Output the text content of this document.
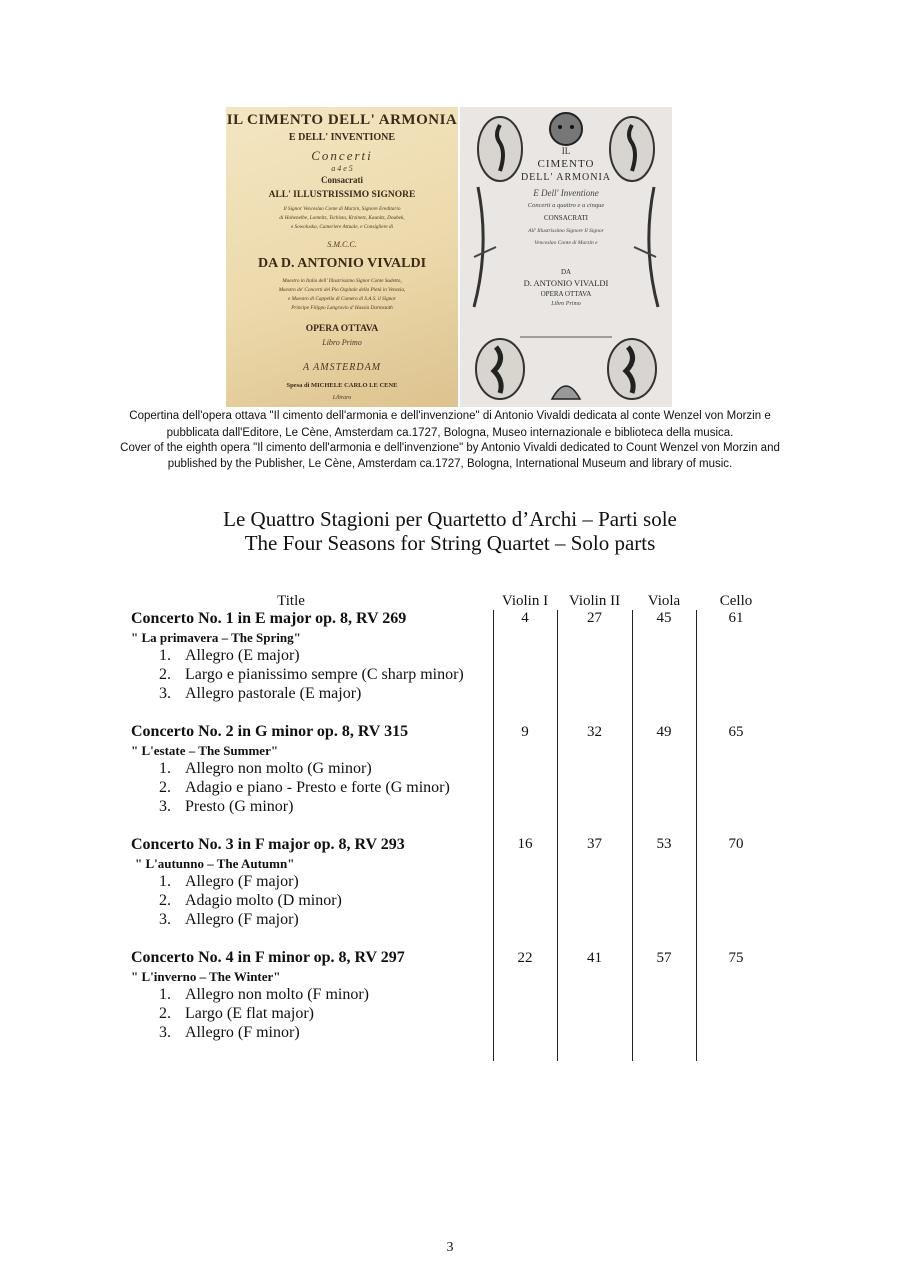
IL CIMENTO DELL' ARMONIA
E DELL' INVENTIONE
Concerti
a 4 e 5
Consacrati
ALL' ILLUSTRISSIMO SIGNORE
Il Signor Venceslao Conte di Marzin, Signore Ereditario
di Hohenelbe, Lomnitz, Tschista, Krzinetz, Kaunitz, Doubek,
e Sowoluska, Cameriere Attuale, e Consigliere di
S.M.C.C.
DA D. ANTONIO VIVALDI
Maestro in Italia dell' Illustrissimo Signor Conte Sudetto,
Maestro de' Concerti del Pio Ospitale della Pietà in Venezia,
e Maestro di Cappella di Camera di S.A.S. il Signor
Principe Filippo Langravio d' Hassia Darmstath
OPERA OTTAVA
Libro Primo
A AMSTERDAM
Spesa di MICHELE CARLO LE CENE
Libraro
IL
CIMENTO
DELL' ARMONIA
E Dell' Inventione
Concerti a quattro e a cinque
CONSACRATI
All' Illustrissimo Signore Il Signor
Venceslao Conte di Marzin e
DA
D. ANTONIO VIVALDI
OPERA OTTAVA
Libro Primo
Copertina dell'opera ottava "Il cimento dell'armonia e dell'invenzione" di Antonio Vivaldi dedicata al conte Wenzel von Morzin e
pubblicata dall'Editore, Le Cène, Amsterdam ca.1727, Bologna, Museo internazionale e biblioteca della musica.
Cover of the eighth opera "Il cimento dell'armonia e dell'invenzione" by Antonio Vivaldi dedicated to Count Wenzel von Morzin and
published by the Publisher, Le Cène, Amsterdam ca.1727, Bologna, International Museum and library of music.
Le Quattro Stagioni per Quartetto d’Archi – Parti sole
The Four Seasons for String Quartet – Solo parts
Title	Violin I	Violin II	Viola	Cello
Concerto No. 1 in E major op. 8, RV 269
" La primavera – The Spring"
1. Allegro (E major)
2. Largo e pianissimo sempre (C sharp minor)
3. Allegro pastorale (E major)
4	27	45	61
Concerto No. 2 in G minor op. 8, RV 315
" L'estate – The Summer"
1. Allegro non molto (G minor)
2. Adagio e piano - Presto e forte (G minor)
3. Presto (G minor)
9	32	49	65
Concerto No. 3 in F major op. 8, RV 293
" L'autunno – The Autumn"
1. Allegro (F major)
2. Adagio molto (D minor)
3. Allegro (F major)
16	37	53	70
Concerto No. 4 in F minor op. 8, RV 297
" L'inverno – The Winter"
1. Allegro non molto (F minor)
2. Largo (E flat major)
3. Allegro (F minor)
22	41	57	75
3
